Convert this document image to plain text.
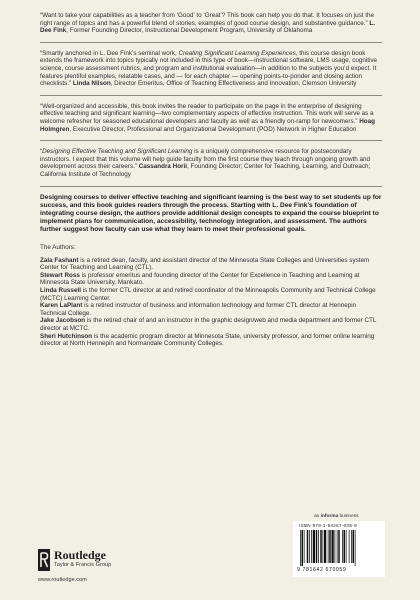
“Want to take your capabilities as a teacher from ‘Good’ to ‘Great’? This book can help you do that. It focuses on just the right range of topics and has a powerful blend of stories, examples of good course design, and substantive guidance.” L. Dee Fink, Former Founding Director, Instructional Development Program, University of Oklahoma

“Smartly anchored in L. Dee Fink’s seminal work, Creating Significant Learning Experiences, this course design book extends the framework into topics typically not included in this type of book—instructional software, LMS usage, cognitive science, course assessment rubrics, and program and institutional evaluation—in addition to the subjects you’d expect. It features plentiful examples, relatable cases, and — for each chapter — opening points-to-ponder and closing action checklists.” Linda Nilson, Director Emeritus, Office of Teaching Effectiveness and Innovation, Clemson University

“Well-organized and accessible, this book invites the reader to participate on the page in the enterprise of designing effective teaching and significant learning—two complementary aspects of effective instruction. This work will serve as a welcome refresher for seasoned educational developers and faculty as well as a friendly on-ramp for newcomers.” Hoag Holmgren, Executive Director, Professional and Organizational Development (POD) Network in Higher Education

“Designing Effective Teaching and Significant Learning is a uniquely comprehensive resource for postsecondary instructors. I expect that this volume will help guide faculty from the first course they teach through ongoing growth and development across their careers.” Cassandra Horii, Founding Director; Center for Teaching, Learning, and Outreach; California Institute of Technology

Designing courses to deliver effective teaching and significant learning is the best way to set students up for success, and this book guides readers through the process. Starting with L. Dee Fink’s foundation of integrating course design, the authors provide additional design concepts to expand the course blueprint to implement plans for communication, accessibility, technology integration, and assessment. The authors further suggest how faculty can use what they learn to meet their professional goals.

The Authors:

Zala Fashant is a retired dean, faculty, and assistant director of the Minnesota State Colleges and Universities system Center for Teaching and Learning (CTL).

Stewart Ross is professor emeritus and founding director of the Center for Excellence in Teaching and Learning at Minnesota State University, Mankato.

Linda Russell is the former CTL director at and retired coordinator of the Minneapolis Community and Technical College (MCTC) Learning Center.

Karen LaPlant is a retired instructor of business and information technology and former CTL director at Hennepin Technical College.

Jake Jacobson is the retired chair of and an instructor in the graphic design/web and media department and former CTL director at MCTC.

Sheri Hutchinson is the academic program director at Minnesota State, university professor, and former online learning director at North Hennepin and Normandale Community Colleges.

Routledge
Taylor & Francis Group
www.routledge.com
an informa business
ISBN 978-1-64267-005-9
9 781642 670059
